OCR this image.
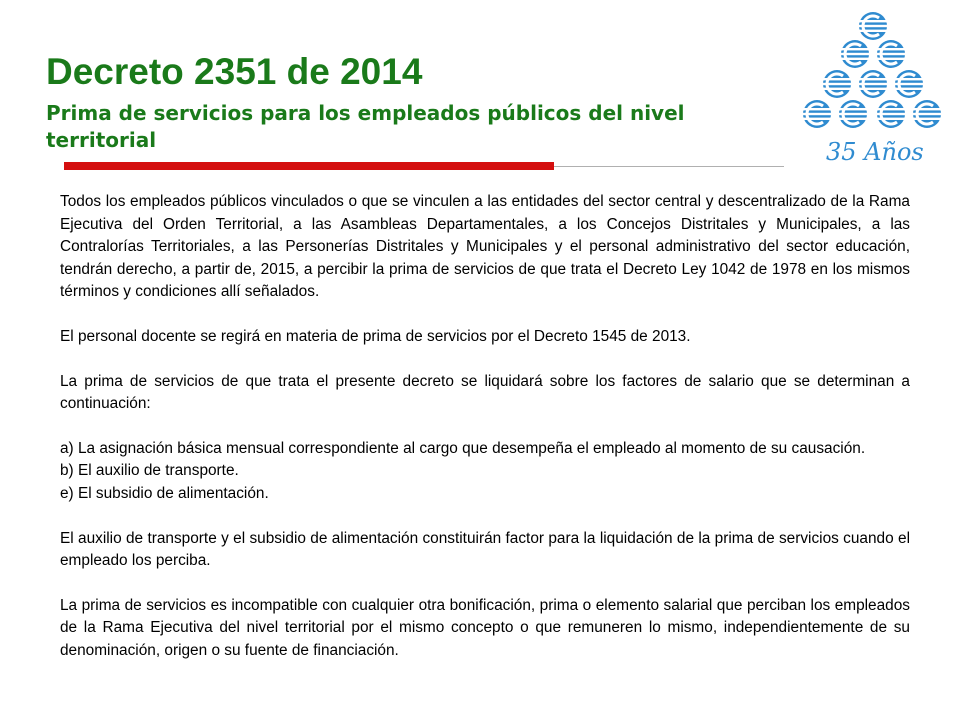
Decreto 2351 de 2014
Prima de servicios para los empleados públicos del nivel territorial	35 Años

Todos los empleados públicos vinculados o que se vinculen a las entidades del sector central y descentralizado de la Rama Ejecutiva del Orden Territorial, a las Asambleas Departamentales, a los Concejos Distritales y Municipales, a las Contralorías Territoriales, a las Personerías Distritales y Municipales y el personal administrativo del sector educación, tendrán derecho, a partir de, 2015, a percibir la prima de servicios de que trata el Decreto Ley 1042 de 1978 en los mismos términos y condiciones allí señalados.

El personal docente se regirá en materia de prima de servicios por el Decreto 1545 de 2013.

La prima de servicios de que trata el presente decreto se liquidará sobre los factores de salario que se determinan a continuación:

a) La asignación básica mensual correspondiente al cargo que desempeña el empleado al momento de su causación.

b) El auxilio de transporte.

e) El subsidio de alimentación.

El auxilio de transporte y el subsidio de alimentación constituirán factor para la liquidación de la prima de servicios cuando el empleado los perciba.

La prima de servicios es incompatible con cualquier otra bonificación, prima o elemento salarial que perciban los empleados de la Rama Ejecutiva del nivel territorial por el mismo concepto o que remuneren lo mismo, independientemente de su denominación, origen o su fuente de financiación.
